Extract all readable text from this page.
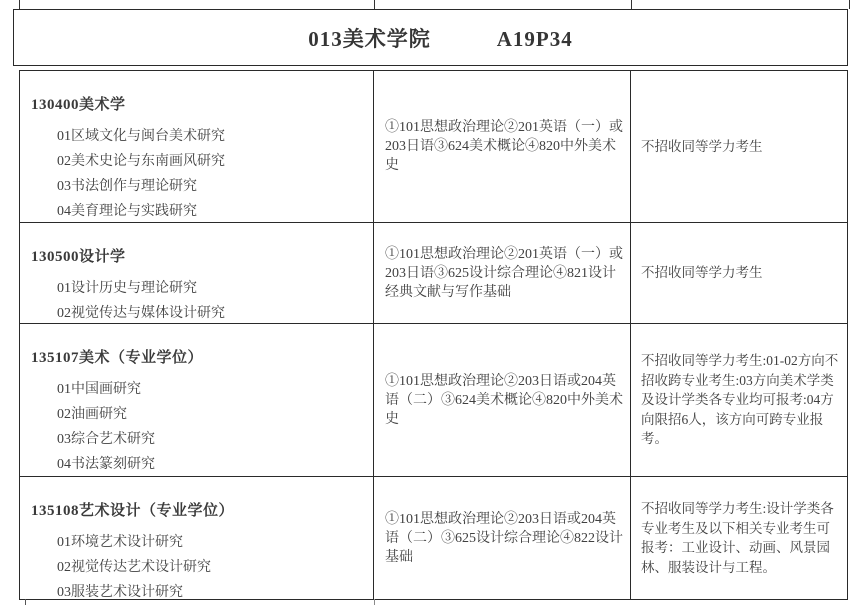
013美术学院	A19P34
130400美术学
01区域文化与闽台美术研究
02美术史论与东南画风研究
03书法创作与理论研究
04美育理论与实践研究
①101思想政治理论②201英语（一）或203日语③624美术概论④820中外美术史
不招收同等学力考生
130500设计学
01设计历史与理论研究
02视觉传达与媒体设计研究
①101思想政治理论②201英语（一）或203日语③625设计综合理论④821设计经典文献与写作基础
不招收同等学力考生
135107美术（专业学位）
01中国画研究
02油画研究
03综合艺术研究
04书法篆刻研究
①101思想政治理论②203日语或204英语（二）③624美术概论④820中外美术史
不招收同等学力考生:01-02方向不招收跨专业考生:03方向美术学类及设计学类各专业均可报考:04方向限招6人，该方向可跨专业报考。
135108艺术设计（专业学位）
01环境艺术设计研究
02视觉传达艺术设计研究
03服装艺术设计研究
①101思想政治理论②203日语或204英语（二）③625设计综合理论④822设计基础
不招收同等学力考生:设计学类各专业考生及以下相关专业考生可报考：工业设计、动画、风景园林、服装设计与工程。
